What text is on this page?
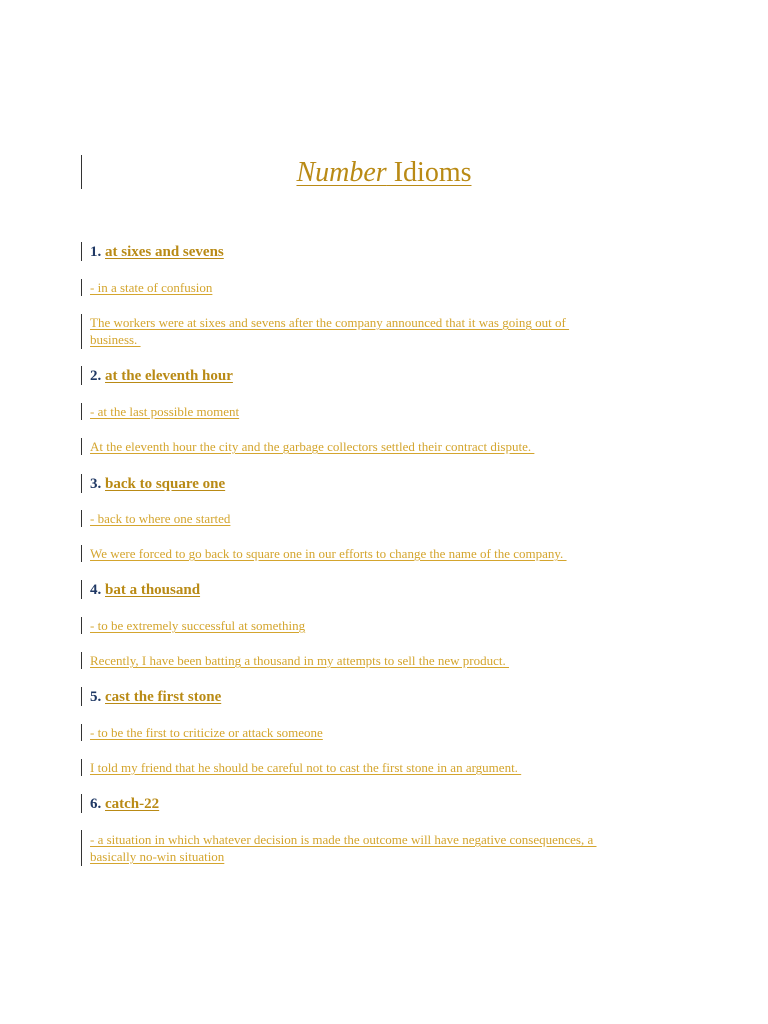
Number Idioms
1. at sixes and sevens
- in a state of confusion
The workers were at sixes and sevens after the company announced that it was going out of
business.
2. at the eleventh hour
- at the last possible moment
At the eleventh hour the city and the garbage collectors settled their contract dispute.
3. back to square one
- back to where one started
We were forced to go back to square one in our efforts to change the name of the company.
4. bat a thousand
- to be extremely successful at something
Recently, I have been batting a thousand in my attempts to sell the new product.
5. cast the first stone
- to be the first to criticize or attack someone
I told my friend that he should be careful not to cast the first stone in an argument.
6. catch-22
- a situation in which whatever decision is made the outcome will have negative consequences, a
basically no-win situation
